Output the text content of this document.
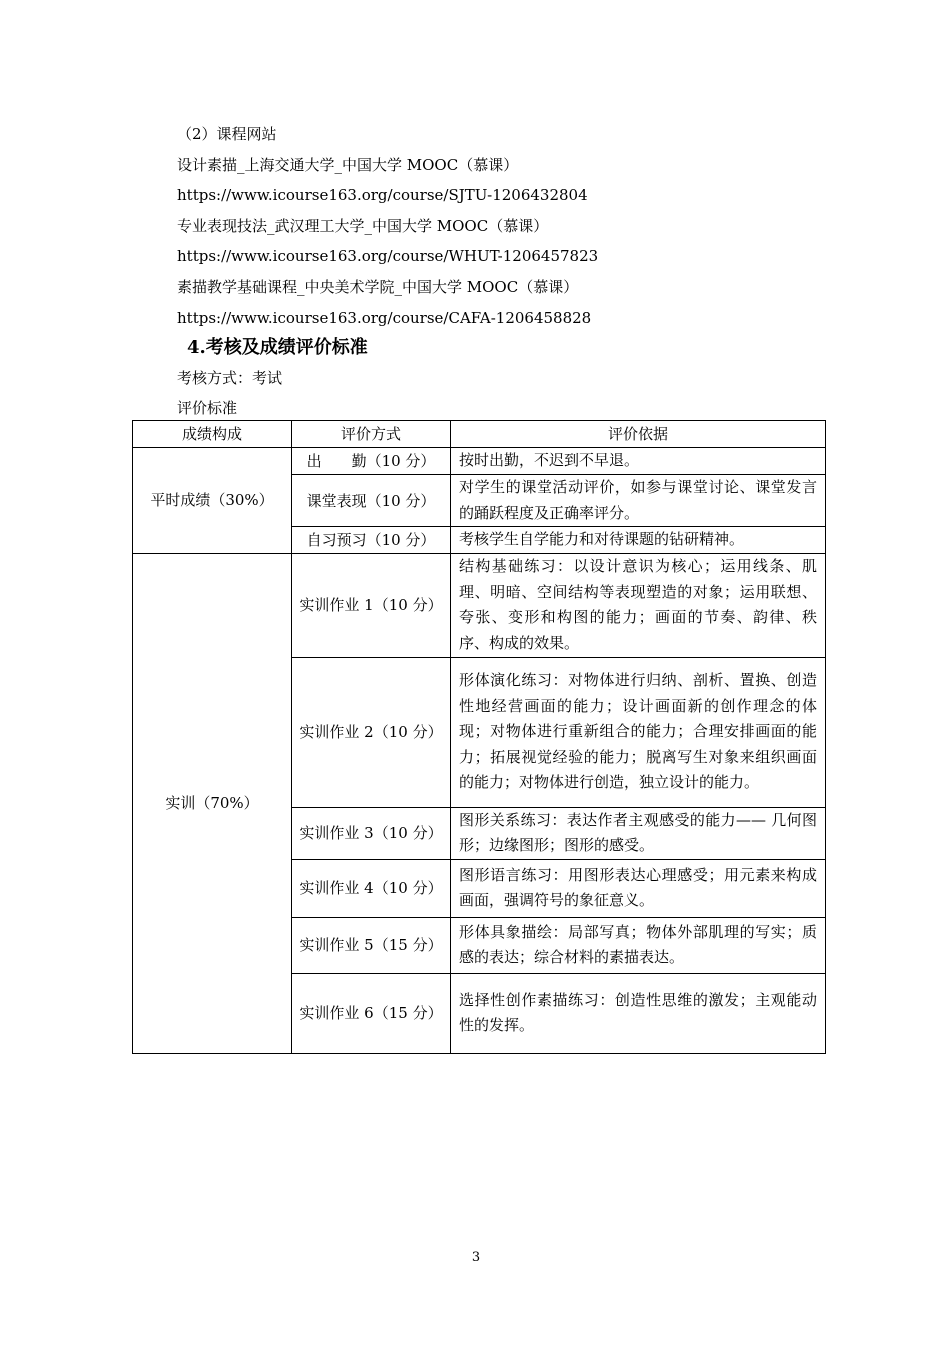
（2）课程网站
设计素描_上海交通大学_中国大学 MOOC（慕课）
https://www.icourse163.org/course/SJTU-1206432804
专业表现技法_武汉理工大学_中国大学 MOOC（慕课）
https://www.icourse163.org/course/WHUT-1206457823
素描教学基础课程_中央美术学院_中国大学 MOOC（慕课）
https://www.icourse163.org/course/CAFA-1206458828
4.考核及成绩评价标准
考核方式：考试
评价标准
成绩构成	评价方式	评价依据
平时成绩（30%）	出　　勤（10 分）	按时出勤，不迟到不早退。
	课堂表现（10 分）	对学生的课堂活动评价，如参与课堂讨论、课堂发言的踊跃程度及正确率评分。
	自习预习（10 分）	考核学生自学能力和对待课题的钻研精神。
实训（70%）	实训作业 1（10 分）	结构基础练习：以设计意识为核心；运用线条、肌理、明暗、空间结构等表现塑造的对象；运用联想、夸张、变形和构图的能力；画面的节奏、韵律、秩序、构成的效果。
	实训作业 2（10 分）	形体演化练习：对物体进行归纳、剖析、置换、创造性地经营画面的能力；设计画面新的创作理念的体现；对物体进行重新组合的能力；合理安排画面的能力；拓展视觉经验的能力；脱离写生对象来组织画面的能力；对物体进行创造，独立设计的能力。
	实训作业 3（10 分）	图形关系练习：表达作者主观感受的能力—— 几何图形；边缘图形；图形的感受。
	实训作业 4（10 分）	图形语言练习：用图形表达心理感受；用元素来构成画面，强调符号的象征意义。
	实训作业 5（15 分）	形体具象描绘：局部写真；物体外部肌理的写实；质感的表达；综合材料的素描表达。
	实训作业 6（15 分）	选择性创作素描练习：创造性思维的激发；主观能动性的发挥。
3
